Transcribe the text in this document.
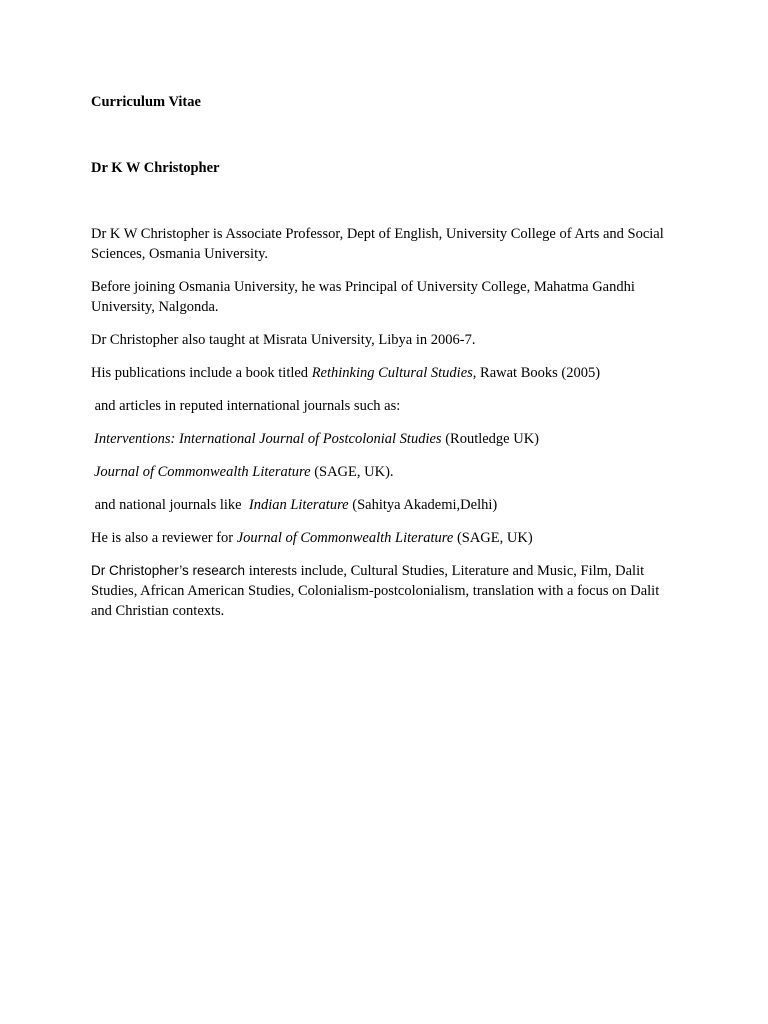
Curriculum Vitae
Dr K W Christopher

Dr K W Christopher is Associate Professor, Dept of English, University College of Arts and Social Sciences, Osmania University.

Before joining Osmania University, he was Principal of University College, Mahatma Gandhi University, Nalgonda.

Dr Christopher also taught at Misrata University, Libya in 2006-7.

His publications include a book titled Rethinking Cultural Studies, Rawat Books (2005)

and articles in reputed international journals such as:

Interventions: International Journal of Postcolonial Studies (Routledge UK)

Journal of Commonwealth Literature (SAGE, UK).

and national journals like  Indian Literature (Sahitya Akademi,Delhi)

He is also a reviewer for Journal of Commonwealth Literature (SAGE, UK)

Dr Christopher’s research interests include, Cultural Studies, Literature and Music, Film, Dalit Studies, African American Studies, Colonialism-postcolonialism, translation with a focus on Dalit and Christian contexts.
